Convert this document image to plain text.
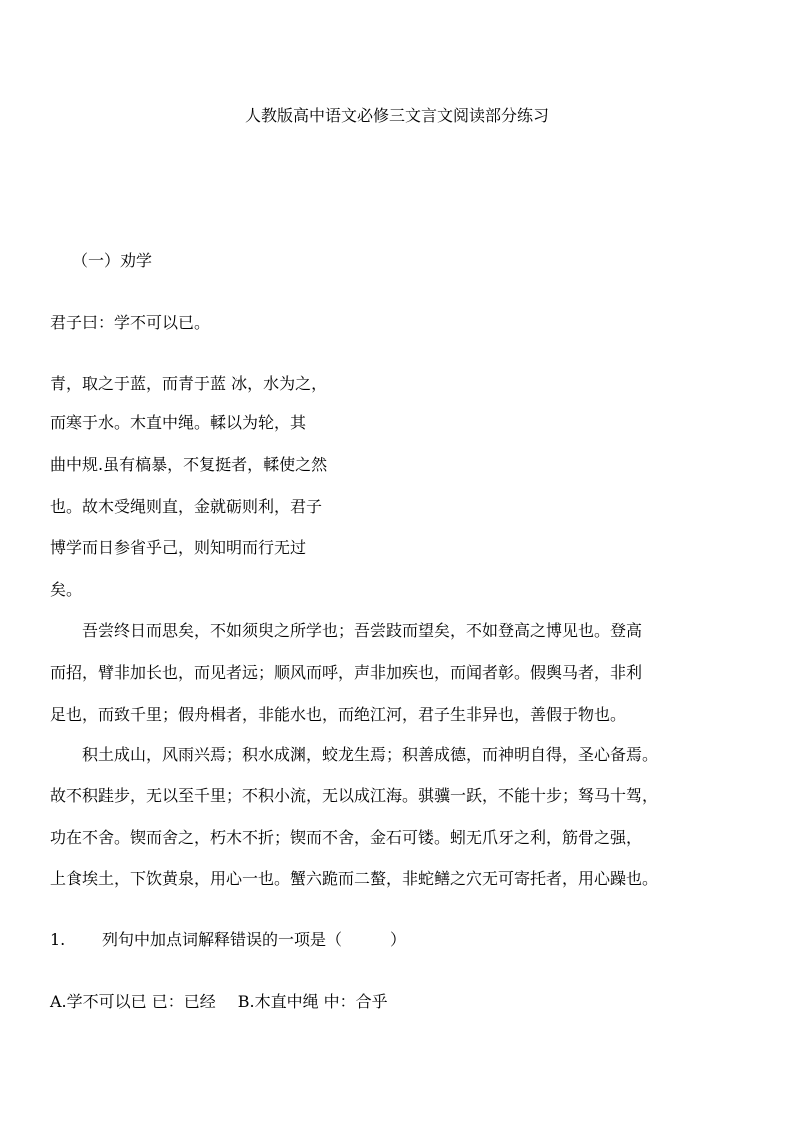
人教版高中语文必修三文言文阅读部分练习
（一）劝学
君子曰：学不可以已。
青，取之于蓝，而青于蓝 冰，水为之，
而寒于水。木直中绳。輮以为轮，其
曲中规.虽有槁暴，不复挺者，輮使之然
也。故木受绳则直，金就砺则利，君子
博学而日参省乎己，则知明而行无过
矣。
　　吾尝终日而思矣，不如须臾之所学也；吾尝跂而望矣，不如登高之博见也。登高
而招，臂非加长也，而见者远；顺风而呼，声非加疾也，而闻者彰。假舆马者，非利
足也，而致千里；假舟楫者，非能水也，而绝江河，君子生非异也，善假于物也。
　　积土成山，风雨兴焉；积水成渊，蛟龙生焉；积善成德，而神明自得，圣心备焉。
故不积跬步，无以至千里；不积小流，无以成江海。骐骥一跃，不能十步；驽马十驾，
功在不舍。锲而舍之，朽木不折；锲而不舍，金石可镂。蚓无爪牙之利，筋骨之强，
上食埃土，下饮黄泉，用心一也。蟹六跪而二螯，非蛇鳝之穴无可寄托者，用心躁也。
1. 列句中加点词解释错误的一项是（　　　）
A.学不可以已 已：已经 B.木直中绳 中：合乎
